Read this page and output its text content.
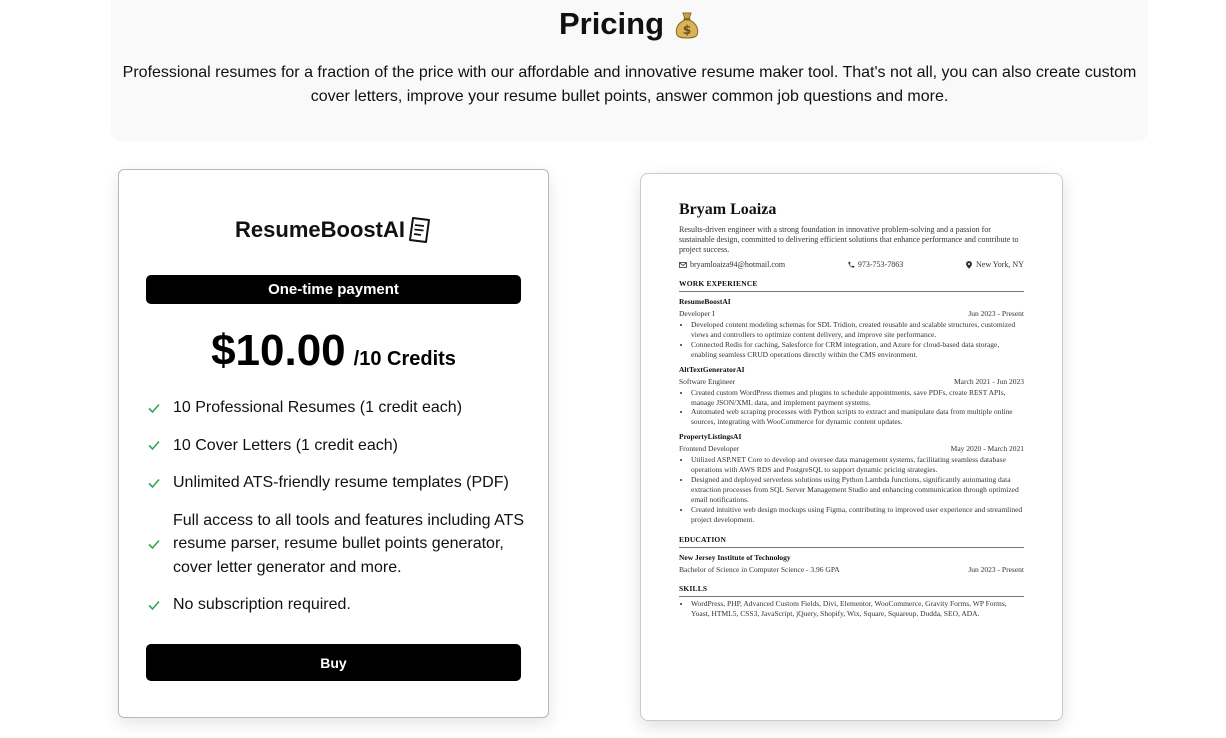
Pricing $

Professional resumes for a fraction of the price with our affordable and innovative resume maker tool. That's not all, you can also create custom cover letters, improve your resume bullet points, answer common job questions and more.

ResumeBoostAI
One-time payment
$10.00 /10 Credits
10 Professional Resumes (1 credit each)
10 Cover Letters (1 credit each)
Unlimited ATS-friendly resume templates (PDF)
Full access to all tools and features including ATS resume parser, resume bullet points generator, cover letter generator and more.
No subscription required.
Buy
Bryam Loaiza
Results-driven engineer with a strong foundation in innovative problem-solving and a passion for sustainable design, committed to delivering efficient solutions that enhance performance and contribute to project success.
bryamloaiza94@hotmail.com	973-753-7863	New York, NY
WORK EXPERIENCE
ResumeBoostAI
Developer I	Jun 2023 - Present
• Developed content modeling schemas for SDL Tridion, created reusable and scalable structures, customized views and controllers to optimize content delivery, and improve site performance.
• Connected Redis for caching, Salesforce for CRM integration, and Azure for cloud-based data storage, enabling seamless CRUD operations directly within the CMS environment.
AltTextGeneratorAI
Software Engineer	March 2021 - Jun 2023
• Created custom WordPress themes and plugins to schedule appointments, save PDFs, create REST APIs, manage JSON/XML data, and implement payment systems.
• Automated web scraping processes with Python scripts to extract and manipulate data from multiple online sources, integrating with WooCommerce for dynamic content updates.
PropertyListingsAI
Frontend Developer	May 2020 - March 2021
• Utilized ASP.NET Core to develop and oversee data management systems, facilitating seamless database operations with AWS RDS and PostgreSQL to support dynamic pricing strategies.
• Designed and deployed serverless solutions using Python Lambda functions, significantly automating data extraction processes from SQL Server Management Studio and enhancing communication through optimized email notifications.
• Created intuitive web design mockups using Figma, contributing to improved user experience and streamlined project development.
EDUCATION
New Jersey Institute of Technology
Bachelor of Science in Computer Science - 3.96 GPA	Jun 2023 - Present
SKILLS
• WordPress, PHP, Advanced Custom Fields, Divi, Elementor, WooCommerce, Gravity Forms, WP Forms, Yoast, HTML5, CSS3, JavaScript, jQuery, Shopify, Wix, Square, Squareup, Dudda, SEO, ADA.
